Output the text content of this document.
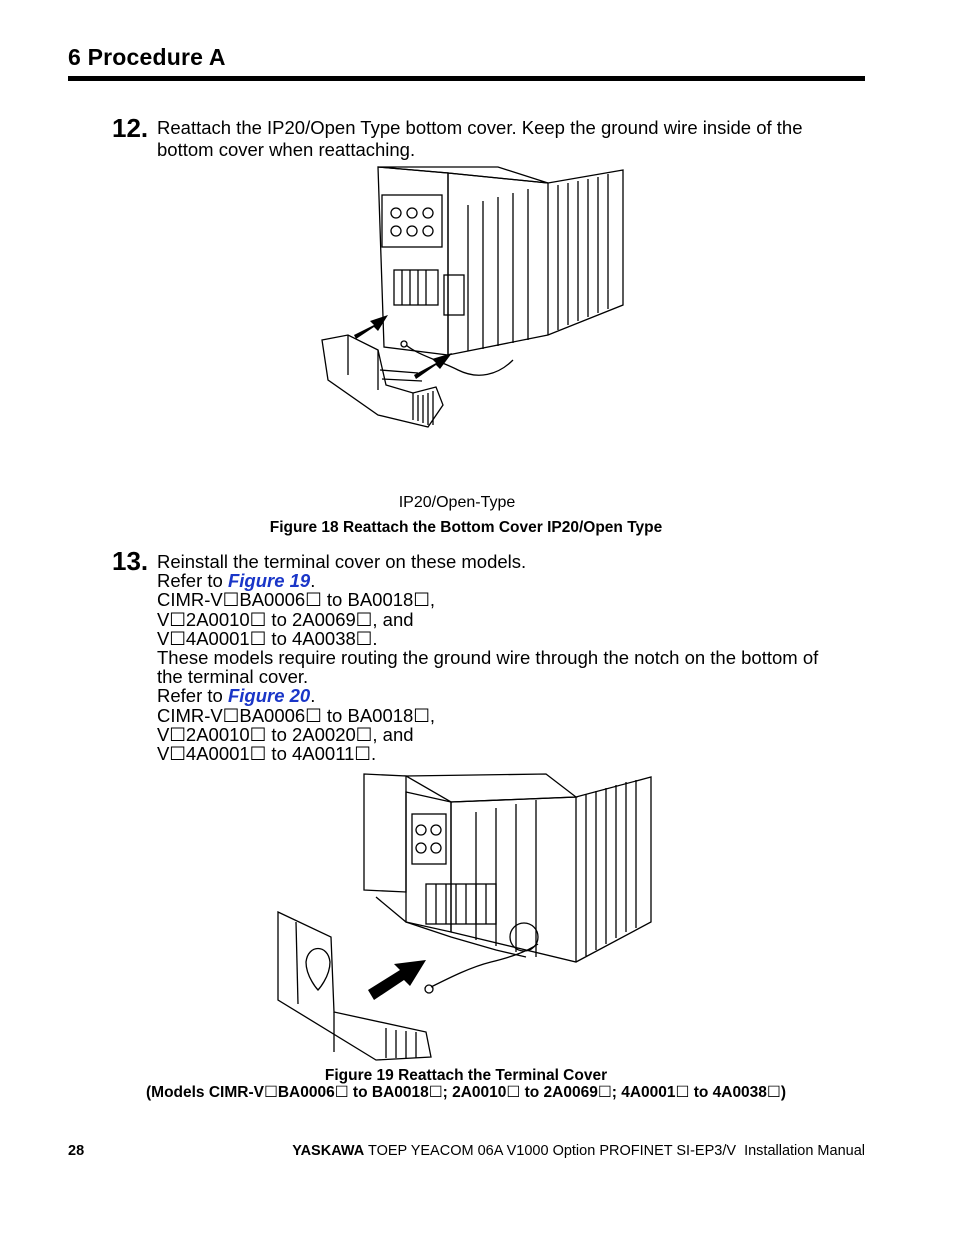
6 Procedure A
12. Reattach the IP20/Open Type bottom cover. Keep the ground wire inside of the
bottom cover when reattaching.
IP20/Open-Type
Figure 18 Reattach the Bottom Cover IP20/Open Type
13. Reinstall the terminal cover on these models.
Refer to Figure 19.
CIMR-V☐BA0006☐ to BA0018☐,
V☐2A0010☐ to 2A0069☐, and
V☐4A0001☐ to 4A0038☐.
These models require routing the ground wire through the notch on the bottom of
the terminal cover.
Refer to Figure 20.
CIMR-V☐BA0006☐ to BA0018☐,
V☐2A0010☐ to 2A0020☐, and
V☐4A0001☐ to 4A0011☐.
Figure 19 Reattach the Terminal Cover
(Models CIMR-V☐BA0006☐ to BA0018☐; 2A0010☐ to 2A0069☐; 4A0001☐ to 4A0038☐)
28	YASKAWA TOEP YEACOM 06A V1000 Option PROFINET SI-EP3/V  Installation Manual
